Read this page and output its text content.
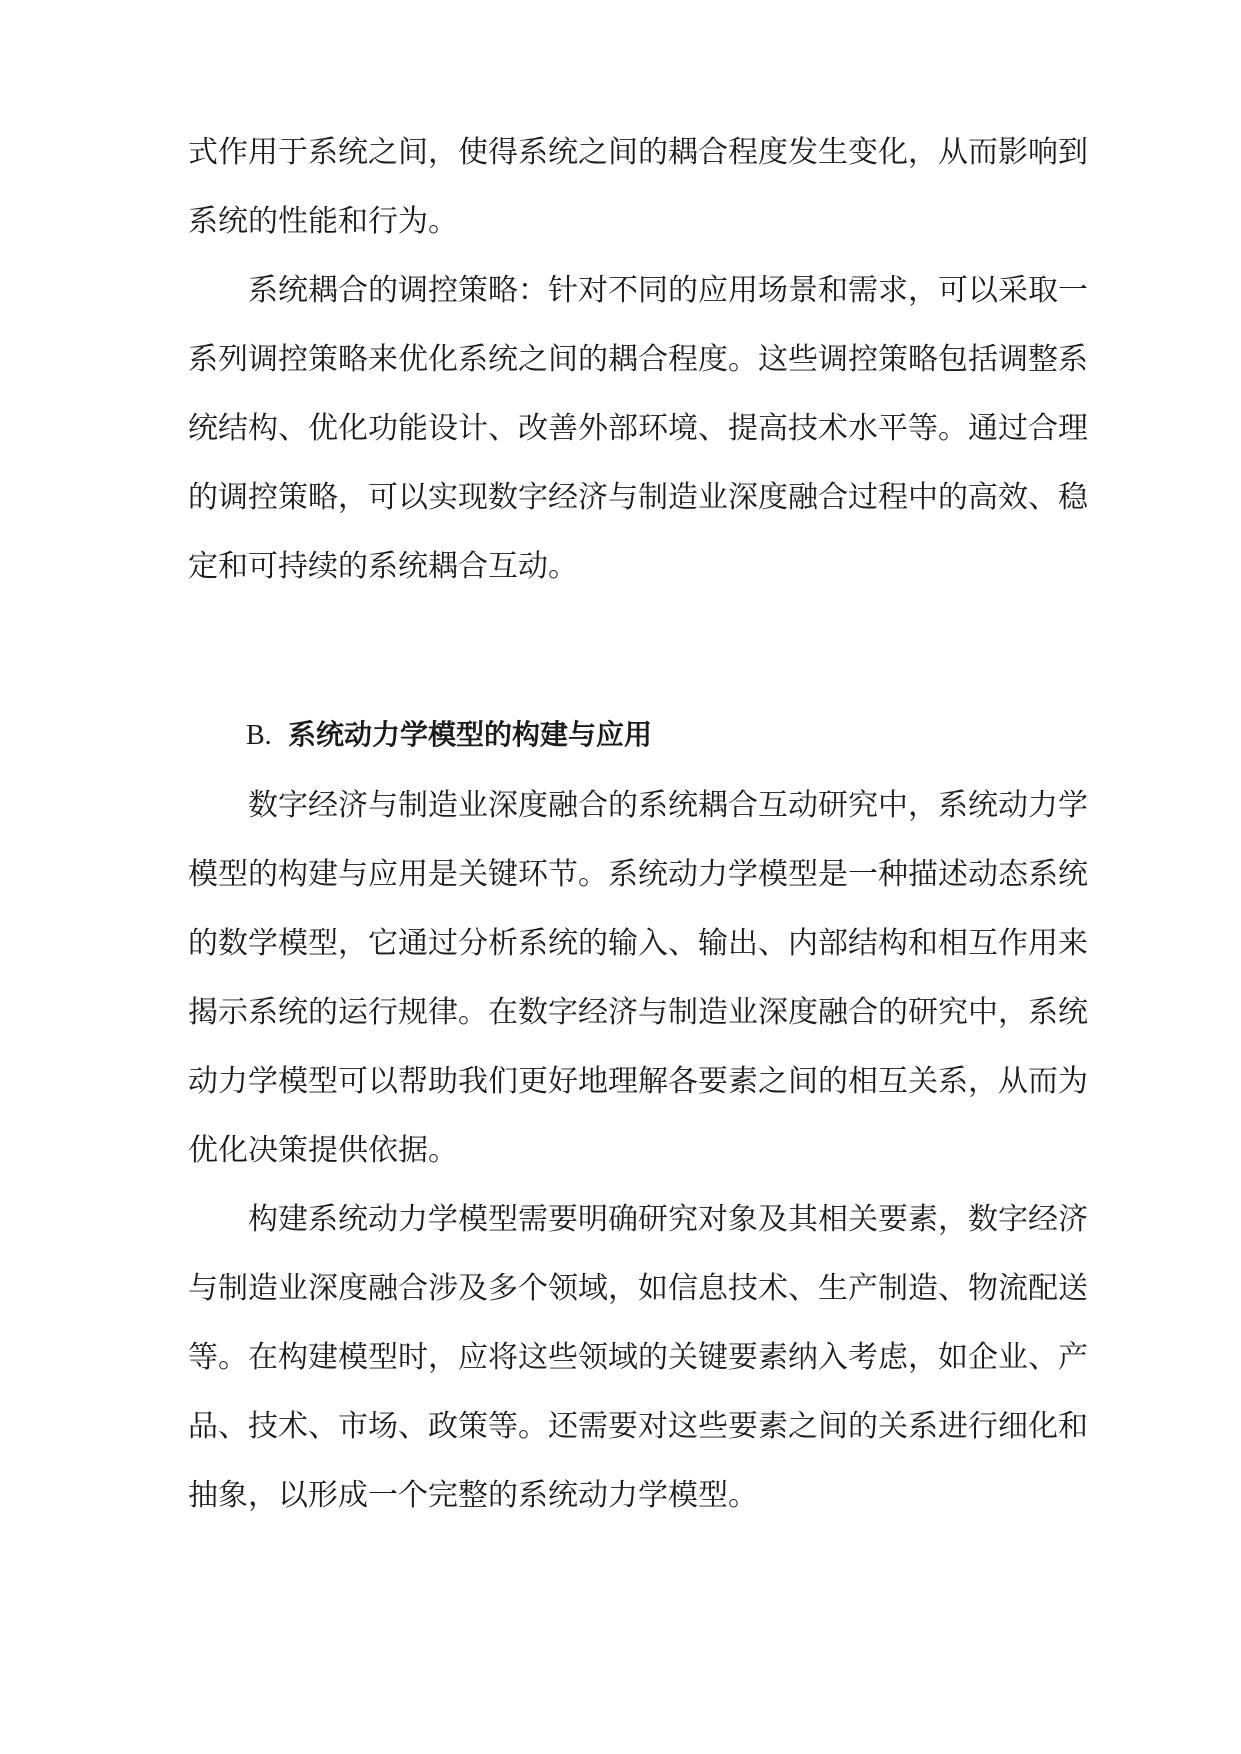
式作用于系统之间，使得系统之间的耦合程度发生变化，从而影响到
系统的性能和行为。
系统耦合的调控策略：针对不同的应用场景和需求，可以采取一
系列调控策略来优化系统之间的耦合程度。这些调控策略包括调整系
统结构、优化功能设计、改善外部环境、提高技术水平等。通过合理
的调控策略，可以实现数字经济与制造业深度融合过程中的高效、稳
定和可持续的系统耦合互动。
B. 系统动力学模型的构建与应用
数字经济与制造业深度融合的系统耦合互动研究中，系统动力学
模型的构建与应用是关键环节。系统动力学模型是一种描述动态系统
的数学模型，它通过分析系统的输入、输出、内部结构和相互作用来
揭示系统的运行规律。在数字经济与制造业深度融合的研究中，系统
动力学模型可以帮助我们更好地理解各要素之间的相互关系，从而为
优化决策提供依据。
构建系统动力学模型需要明确研究对象及其相关要素，数字经济
与制造业深度融合涉及多个领域，如信息技术、生产制造、物流配送
等。在构建模型时，应将这些领域的关键要素纳入考虑，如企业、产
品、技术、市场、政策等。还需要对这些要素之间的关系进行细化和
抽象，以形成一个完整的系统动力学模型。
